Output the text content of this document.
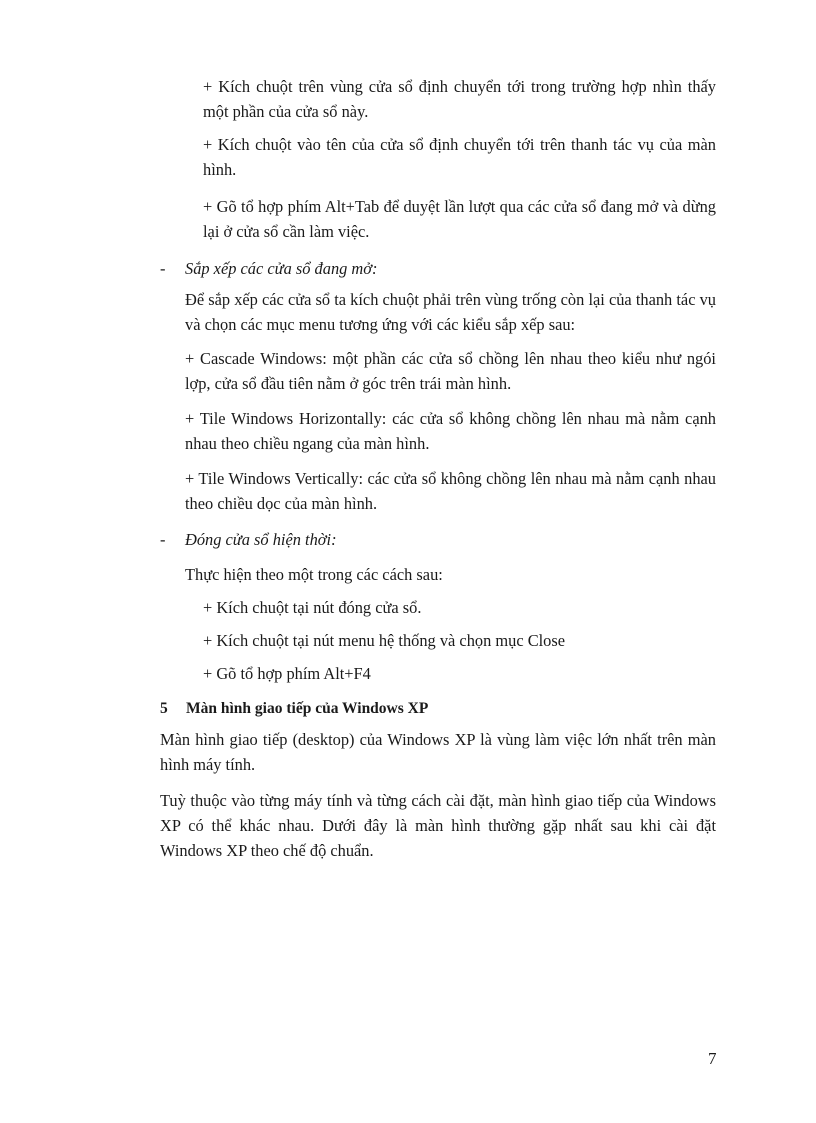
+ Kích chuột trên vùng cửa sổ định chuyển tới trong trường hợp nhìn thấy một phần của cửa sổ này.

+ Kích chuột vào tên của cửa sổ định chuyển tới trên thanh tác vụ của màn hình.

+ Gõ tổ hợp phím Alt+Tab để duyệt lần lượt qua các cửa sổ đang mở và dừng lại ở cửa sổ cần làm việc.

- Sắp xếp các cửa sổ đang mở:

Để sắp xếp các cửa sổ ta kích chuột phải trên vùng trống còn lại của thanh tác vụ và chọn các mục menu tương ứng với các kiểu sắp xếp sau:

+ Cascade Windows: một phần các cửa sổ chồng lên nhau theo kiểu như ngói lợp, cửa sổ đầu tiên nằm ở góc trên trái màn hình.

+ Tile Windows Horizontally: các cửa sổ không chồng lên nhau mà nằm cạnh nhau theo chiều ngang của màn hình.

+ Tile Windows Vertically: các cửa sổ không chồng lên nhau mà nằm cạnh nhau theo chiều dọc của màn hình.

- Đóng cửa sổ hiện thời:

Thực hiện theo một trong các cách sau:

+ Kích chuột tại nút đóng cửa sổ.

+ Kích chuột tại nút menu hệ thống và chọn mục Close

+ Gõ tổ hợp phím Alt+F4

5 Màn hình giao tiếp của Windows XP

Màn hình giao tiếp (desktop) của Windows XP là vùng làm việc lớn nhất trên màn hình máy tính.

Tuỳ thuộc vào từng máy tính và từng cách cài đặt, màn hình giao tiếp của Windows XP có thể khác nhau. Dưới đây là màn hình thường gặp nhất sau khi cài đặt Windows XP theo chế độ chuẩn.

7
